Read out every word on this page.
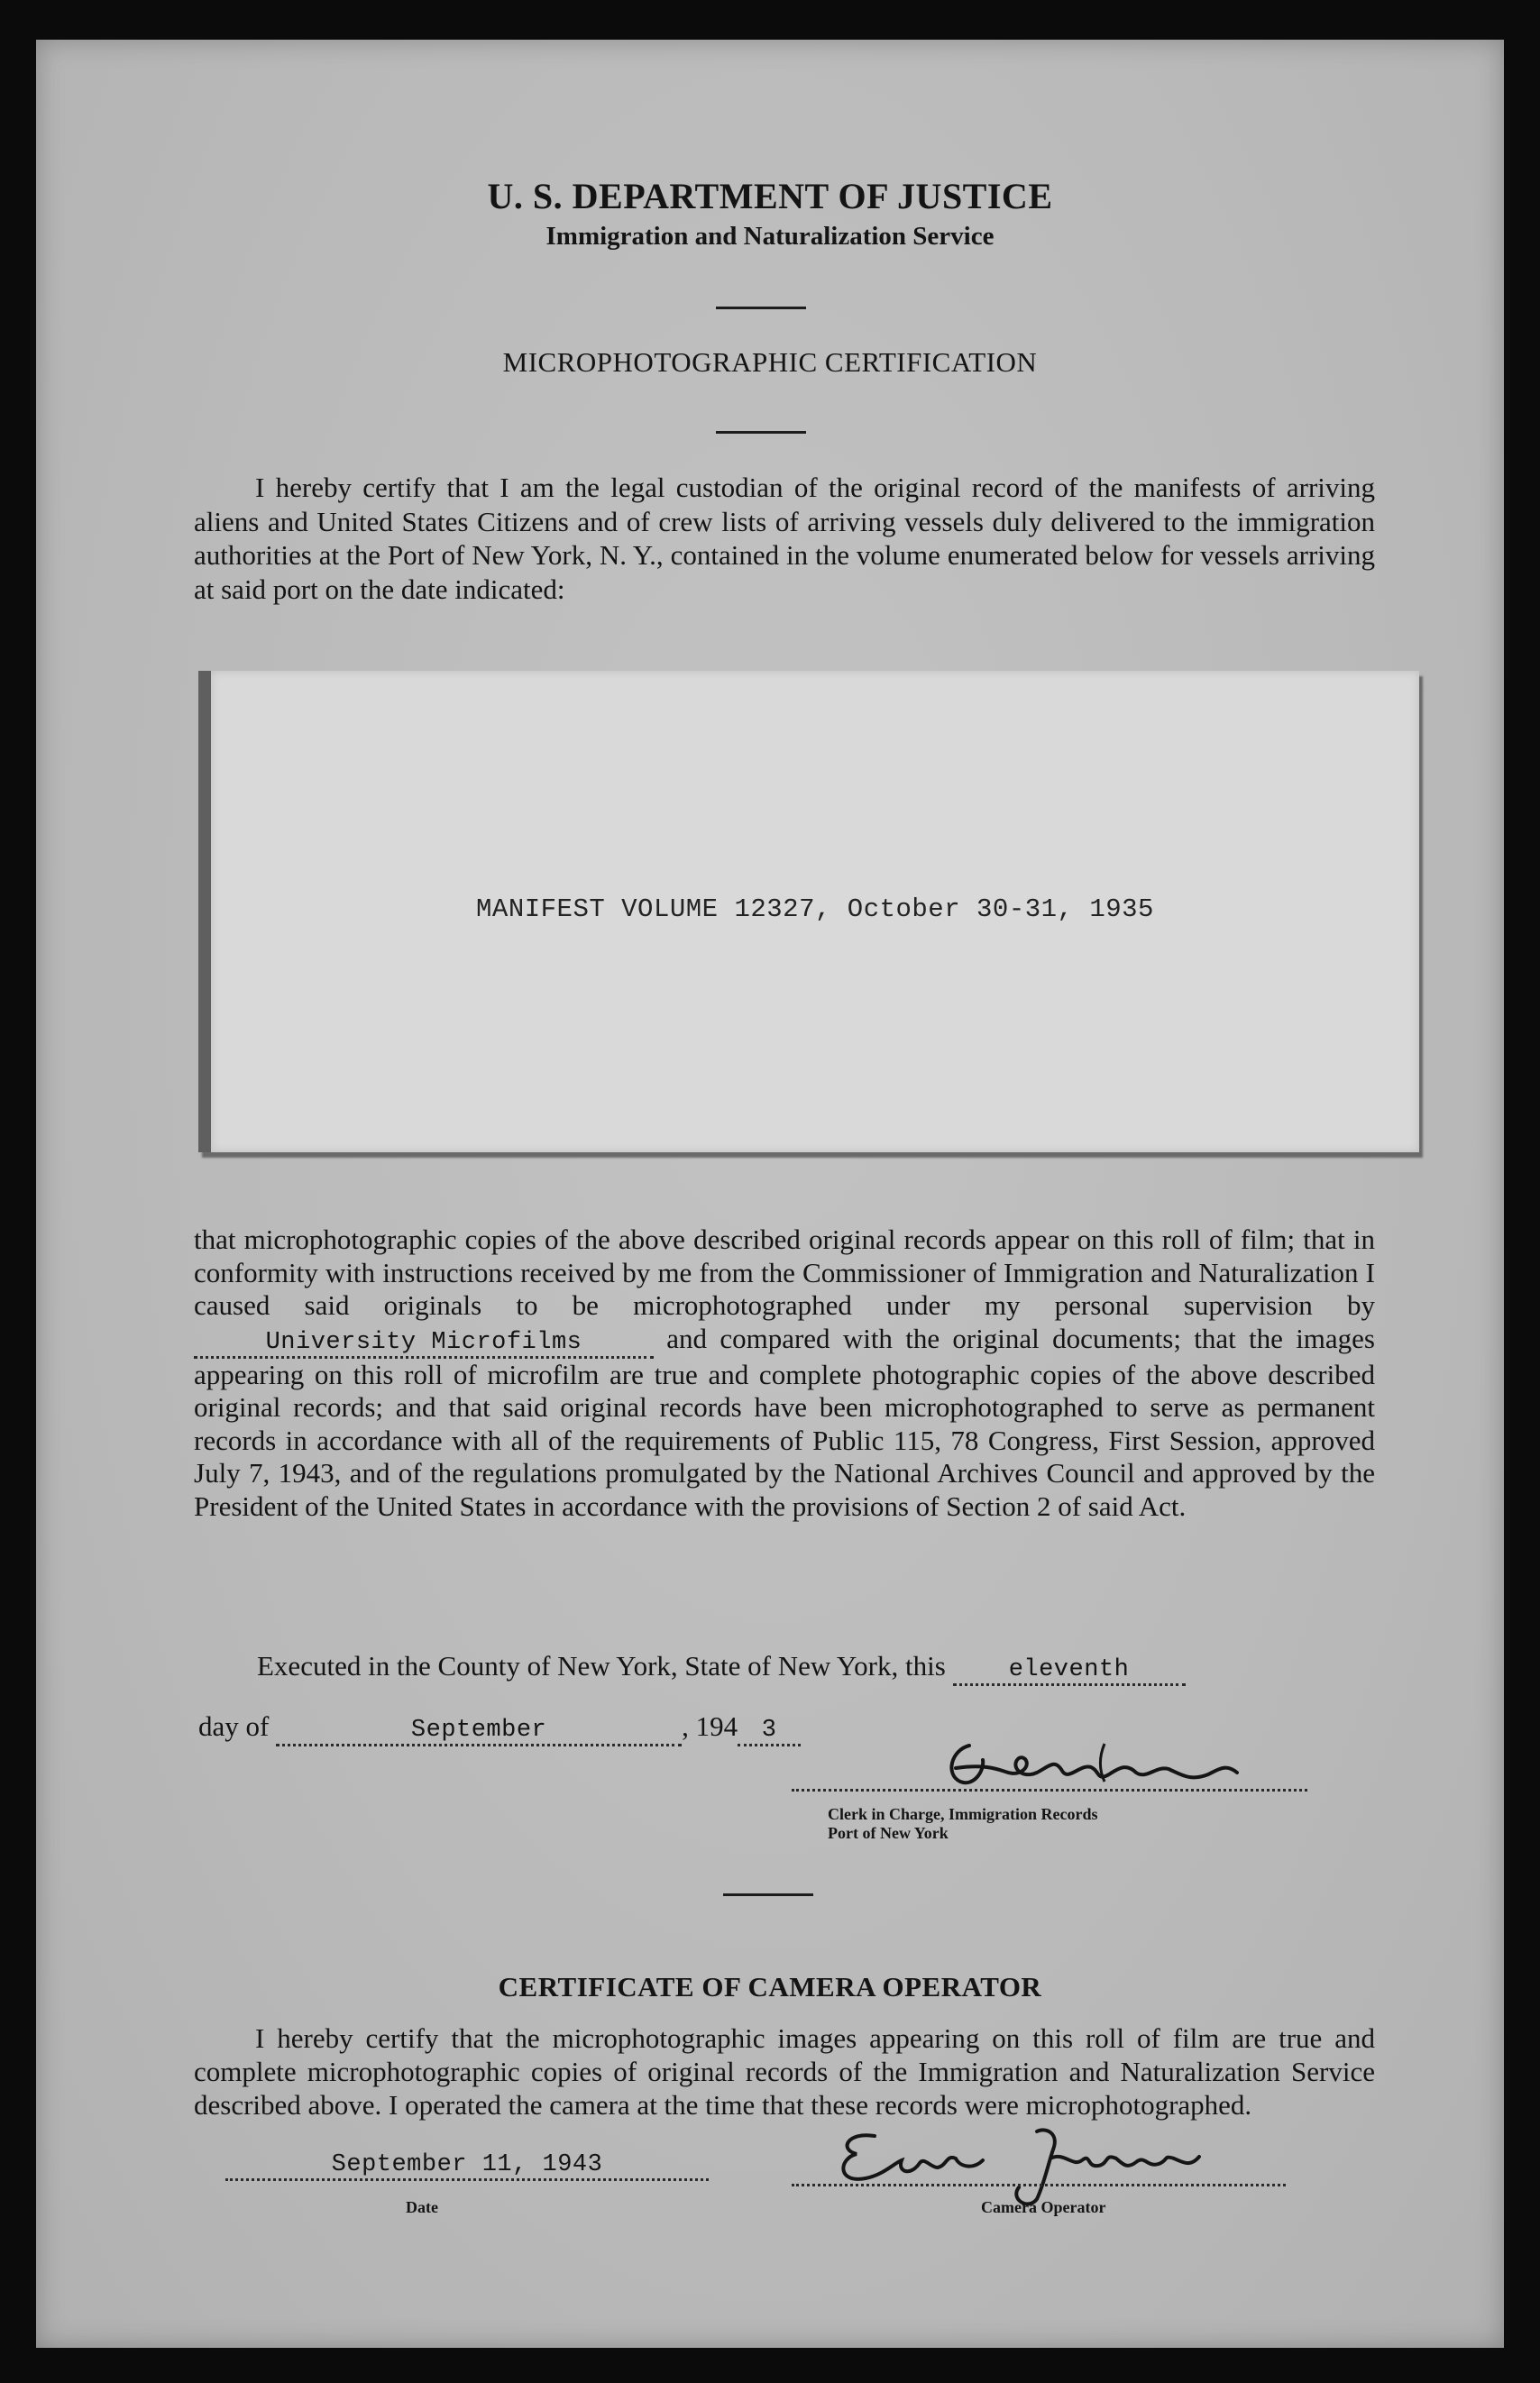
U. S. DEPARTMENT OF JUSTICE
Immigration and Naturalization Service
MICROPHOTOGRAPHIC CERTIFICATION
I hereby certify that I am the legal custodian of the original record of the manifests of arriving aliens and United States Citizens and of crew lists of arriving vessels duly delivered to the immigration authorities at the Port of New York, N. Y., contained in the volume enumerated below for vessels arriving at said port on the date indicated:
MANIFEST VOLUME 12327, October 30-31, 1935
that microphotographic copies of the above described original records appear on this roll of film; that in conformity with instructions received by me from the Commissioner of Immigration and Naturalization I caused said originals to be microphotographed under my personal supervision by University Microfilms	and compared with the original documents; that the images appearing on this roll of microfilm are true and complete photographic copies of the above described original records; and that said original records have been microphotographed to serve as permanent records in accordance with all of the requirements of Public 115, 78 Congress, First Session, approved July 7, 1943, and of the regulations promulgated by the National Archives Council and approved by the President of the United States in accordance with the provisions of Section 2 of said Act.
Executed in the County of New York, State of New York, this	eleventh
day of	September	, 194 3
Clerk in Charge, Immigration Records
Port of New York
CERTIFICATE OF CAMERA OPERATOR
I hereby certify that the microphotographic images appearing on this roll of film are true and complete microphotographic copies of original records of the Immigration and Naturalization Service described above. I operated the camera at the time that these records were microphotographed.
September 11, 1943
Date	Camera Operator
